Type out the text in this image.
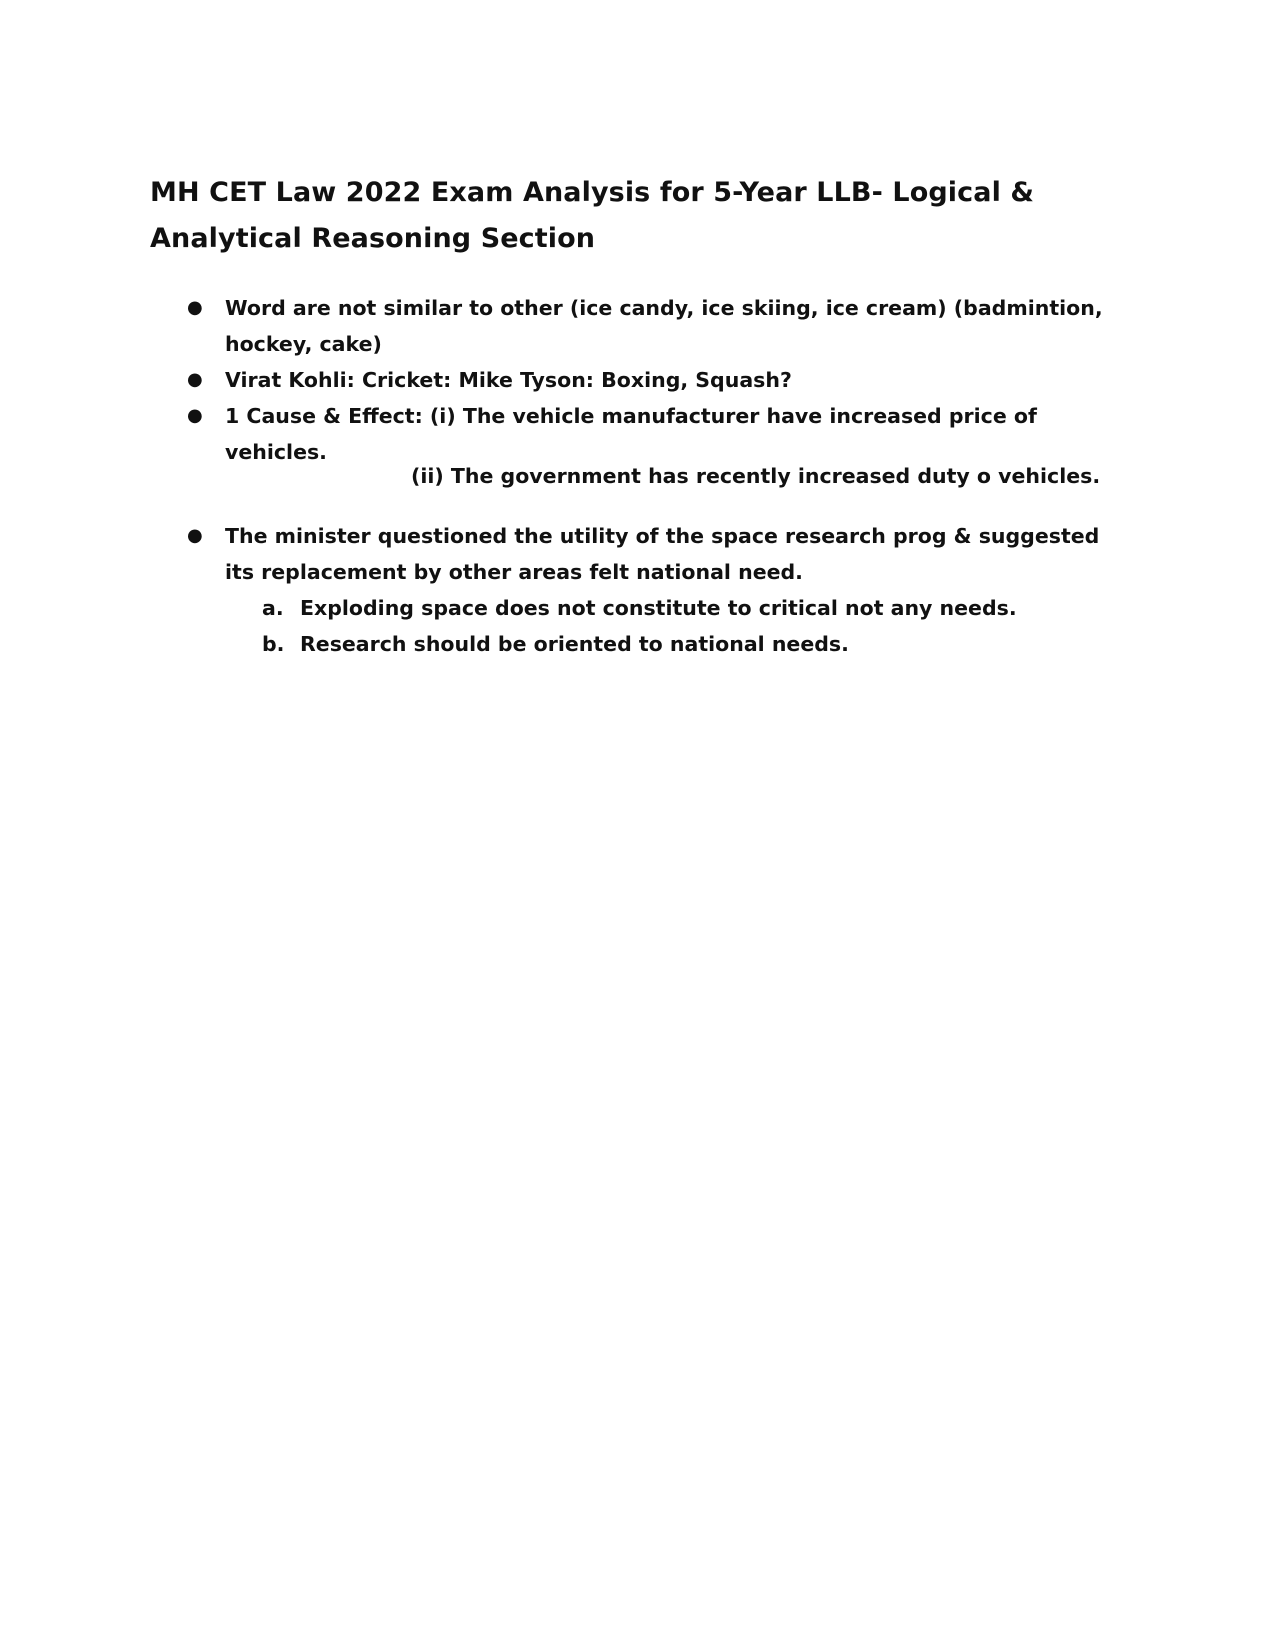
MH CET Law 2022 Exam Analysis for 5-Year LLB- Logical & Analytical Reasoning Section
● Word are not similar to other (ice candy, ice skiing, ice cream) (badmintion, hockey, cake)
● Virat Kohli: Cricket: Mike Tyson: Boxing, Squash?
● 1 Cause & Effect: (i) The vehicle manufacturer have increased price of vehicles.
(ii) The government has recently increased duty o vehicles.
● The minister questioned the utility of the space research prog & suggested its replacement by other areas felt national need.
a. Exploding space does not constitute to critical not any needs.
b. Research should be oriented to national needs.
